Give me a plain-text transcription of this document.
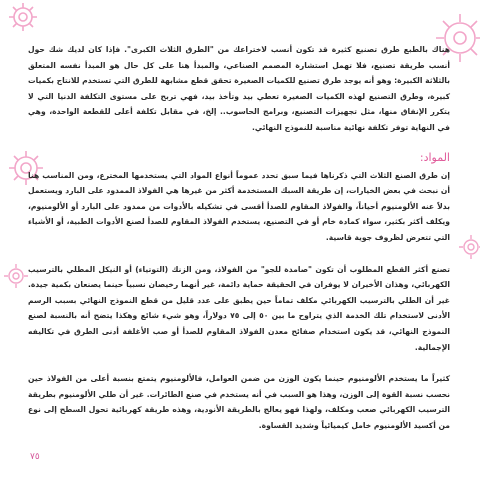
هناك بالطبع طرق تصنيع كثيرة قد تكون أنسب لاختراعك من "الطرق الثلاث الكبرى". فإذا كان لديك شك حول أنسب طريقة تصنيع، فلا تهمل استشارة المصمم الصناعي، والمبدأ هنا على كل حال هو المبدأ نفسه المتعلق بالثلاثة الكبيرة: وهو أنه يوجد طرق تصنيع للكميات الصغيرة تحقق قطع مشابهة للطرق التي تستخدم للانتاج بكميات كبيرة، وطرق التصنيع لهذه الكميات الصغيرة تعطي بيد وتأخذ بيد، فهي تربح على مستوى التكلفة الدنيا التي لا يتكرر الإنفاق منها، مثل تجهيزات التصنيع، وبرامج الحاسوب.. إلخ، في مقابل تكلفة أعلى للقطعة الواحدة، وهي في النهاية توفر تكلفة نهائية مناسبة للنموذج النهائي.

المواد:

إن طرق الصنع الثلاث التي ذكرناها فيما سبق تحدد عموماً أنواع المواد التي يستخدمها المخترع، ومن المناسب هنا أن نبحث في بعض الخيارات، إن طريقة السبك المستخدمة أكثر من غيرها هي الفولاذ الممدود على البارد ويستعمل بدلاً عنه الألومنيوم أحياناً، والفولاذ المقاوم للصدأ أقسى في تشكيله بالأدوات من ممدود على البارد أو الألومنيوم، ويكلف أكثر بكثير، سواء كمادة خام أو في التصنيع، يستخدم الفولاذ المقاوم للصدأ لصنع الأدوات الطبية، أو الأشياء التي تتعرض لظروف جوية قاسية.

تصنع أكثر القطع المطلوب أن تكون "صامدة للجو" من الفولاذ، ومن الزنك (التوتياء) أو النيكل المطلي بالترسيب الكهربائي، وهذان الأخيران لا يوفران في الحقيقة حماية دائمة، غير أنهما رخيصان نسبياً حينما يصنعان بكمية جيدة. غير أن الطلي بالترسيب الكهربائي مكلف تماماً حين يطبق على عدد قليل من قطع النموذج النهائي بسبب الرسم الأدنى لاستخدام تلك الخدمة الذي يتراوح ما بين ٥٠ إلى ٧٥ دولاراً، وهو شيء شائع وهكذا يتضح أنه بالنسبة لصنع النموذج النهائي، قد يكون استخدام صفائح معدن الفولاذ المقاوم للصدأ أو صب الأغلفة أدنى الطرق في تكاليفه الإجمالية.

كثيراً ما يستخدم الألومنيوم حينما يكون الوزن من ضمن العوامل، فالألومنيوم يتمتع بنسبة أعلى من الفولاذ حين نحسب نسبة القوة إلى الوزن، وهذا هو السبب في أنه يستخدم في صنع الطائرات. غير أن طلي الألومنيوم بطريقة الترسيب الكهربائي صعب ومكلف، ولهذا فهو يعالج بالطريقة الأنودية، وهذه طريقة كهربائية تحول السطح إلى نوع من أكسيد الألومنيوم خامل كيميائياً وشديد القساوة.

٧٥
